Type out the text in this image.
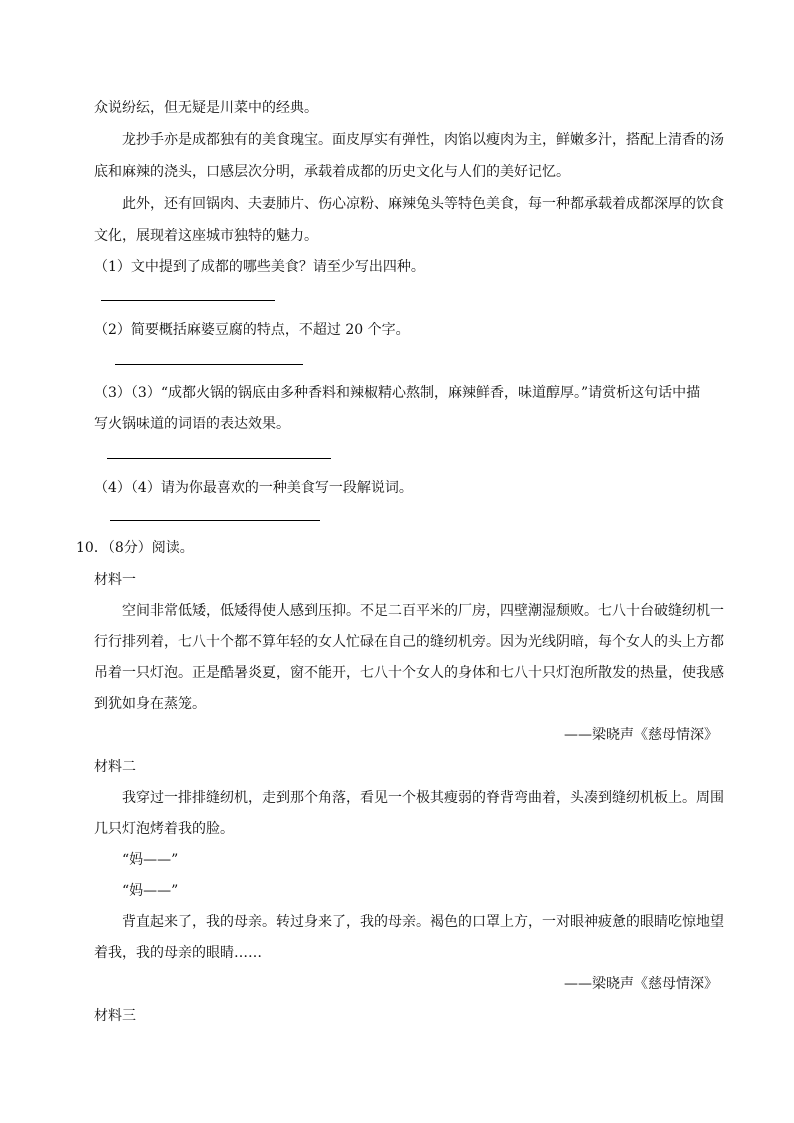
众说纷纭，但无疑是川菜中的经典。
龙抄手亦是成都独有的美食瑰宝。面皮厚实有弹性，肉馅以瘦肉为主，鲜嫩多汁，搭配上清香的汤
底和麻辣的浇头，口感层次分明，承载着成都的历史文化与人们的美好记忆。
此外，还有回锅肉、夫妻肺片、伤心凉粉、麻辣兔头等特色美食，每一种都承载着成都深厚的饮食
文化，展现着这座城市独特的魅力。
（1）文中提到了成都的哪些美食？请至少写出四种。
（2）简要概括麻婆豆腐的特点，不超过 20 个字。
（3）（3）“成都火锅的锅底由多种香料和辣椒精心熬制，麻辣鲜香，味道醇厚。”请赏析这句话中描
写火锅味道的词语的表达效果。
（4）（4）请为你最喜欢的一种美食写一段解说词。
10．（8分）阅读。
材料一
空间非常低矮，低矮得使人感到压抑。不足二百平米的厂房，四壁潮湿颓败。七八十台破缝纫机一
行行排列着，七八十个都不算年轻的女人忙碌在自己的缝纫机旁。因为光线阴暗，每个女人的头上方都
吊着一只灯泡。正是酷暑炎夏，窗不能开，七八十个女人的身体和七八十只灯泡所散发的热量，使我感
到犹如身在蒸笼。
——梁晓声《慈母情深》
材料二
我穿过一排排缝纫机，走到那个角落，看见一个极其瘦弱的脊背弯曲着，头凑到缝纫机板上。周围
几只灯泡烤着我的脸。
“妈——”
“妈——”
背直起来了，我的母亲。转过身来了，我的母亲。褐色的口罩上方，一对眼神疲惫的眼睛吃惊地望
着我，我的母亲的眼睛……
——梁晓声《慈母情深》
材料三
